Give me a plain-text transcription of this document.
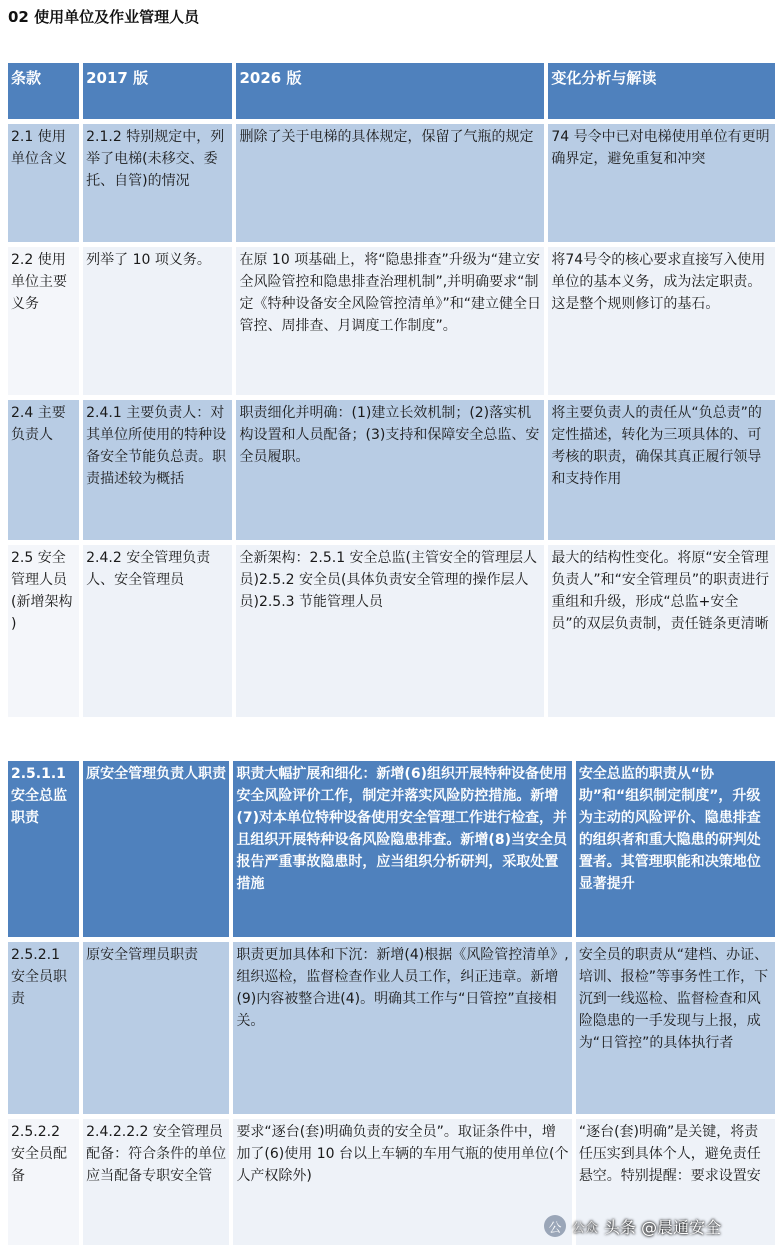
02 使用单位及作业管理人员
条款	2017 版	2026 版	变化分析与解读
2.1 使用单位含义	2.1.2 特别规定中，列举了电梯(未移交、委托、自管)的情况	删除了关于电梯的具体规定，保留了气瓶的规定	74 号令中已对电梯使用单位有更明确界定，避免重复和冲突
2.2 使用单位主要义务	列举了 10 项义务。	在原 10 项基础上，将“隐患排查”升级为“建立安全风险管控和隐患排查治理机制”,并明确要求“制定《特种设备安全风险管控清单》”和“建立健全日管控、周排查、月调度工作制度”。	将74号令的核心要求直接写入使用单位的基本义务，成为法定职责。这是整个规则修订的基石。
2.4 主要负责人	2.4.1 主要负责人：对其单位所使用的特种设备安全节能负总责。职责描述较为概括	职责细化并明确：(1)建立长效机制；(2)落实机构设置和人员配备；(3)支持和保障安全总监、安全员履职。	将主要负责人的责任从“负总责”的定性描述，转化为三项具体的、可考核的职责，确保其真正履行领导和支持作用
2.5 安全管理人员(新增架构 )	2.4.2 安全管理负责人、安全管理员	全新架构：2.5.1 安全总监(主管安全的管理层人员)2.5.2 安全员(具体负责安全管理的操作层人员)2.5.3 节能管理人员	最大的结构性变化。将原“安全管理负责人”和“安全管理员”的职责进行重组和升级，形成“总监+安全员”的双层负责制，责任链条更清晰
2.5.1.1 安全总监职责	原安全管理负责人职责	职责大幅扩展和细化：新增(6)组织开展特种设备使用安全风险评价工作，制定并落实风险防控措施。新增(7)对本单位特种设备使用安全管理工作进行检查，并且组织开展特种设备风险隐患排查。新增(8)当安全员报告严重事故隐患时，应当组织分析研判，采取处置措施	安全总监的职责从“协助”和“组织制定制度”，升级为主动的风险评价、隐患排查的组织者和重大隐患的研判处置者。其管理职能和决策地位显著提升
2.5.2.1 安全员职责	原安全管理员职责	职责更加具体和下沉：新增(4)根据《风险管控清单》,组织巡检，监督检查作业人员工作，纠正违章。新增(9)内容被整合进(4)。明确其工作与“日管控”直接相关。	安全员的职责从“建档、办证、培训、报检”等事务性工作，下沉到一线巡检、监督检查和风险隐患的一手发现与上报，成为“日管控”的具体执行者
2.5.2.2 安全员配备	2.4.2.2.2 安全管理员配备：符合条件的单位应当配备专职安全管	要求“逐台(套)明确负责的安全员”。取证条件中，增加了(6)使用 10 台以上车辆的车用气瓶的使用单位(个人产权除外)	“逐台(套)明确”是关键，将责任压实到具体个人，避免责任悬空。特别提醒：要求设置安
公 公众 头条 @晨通安全
